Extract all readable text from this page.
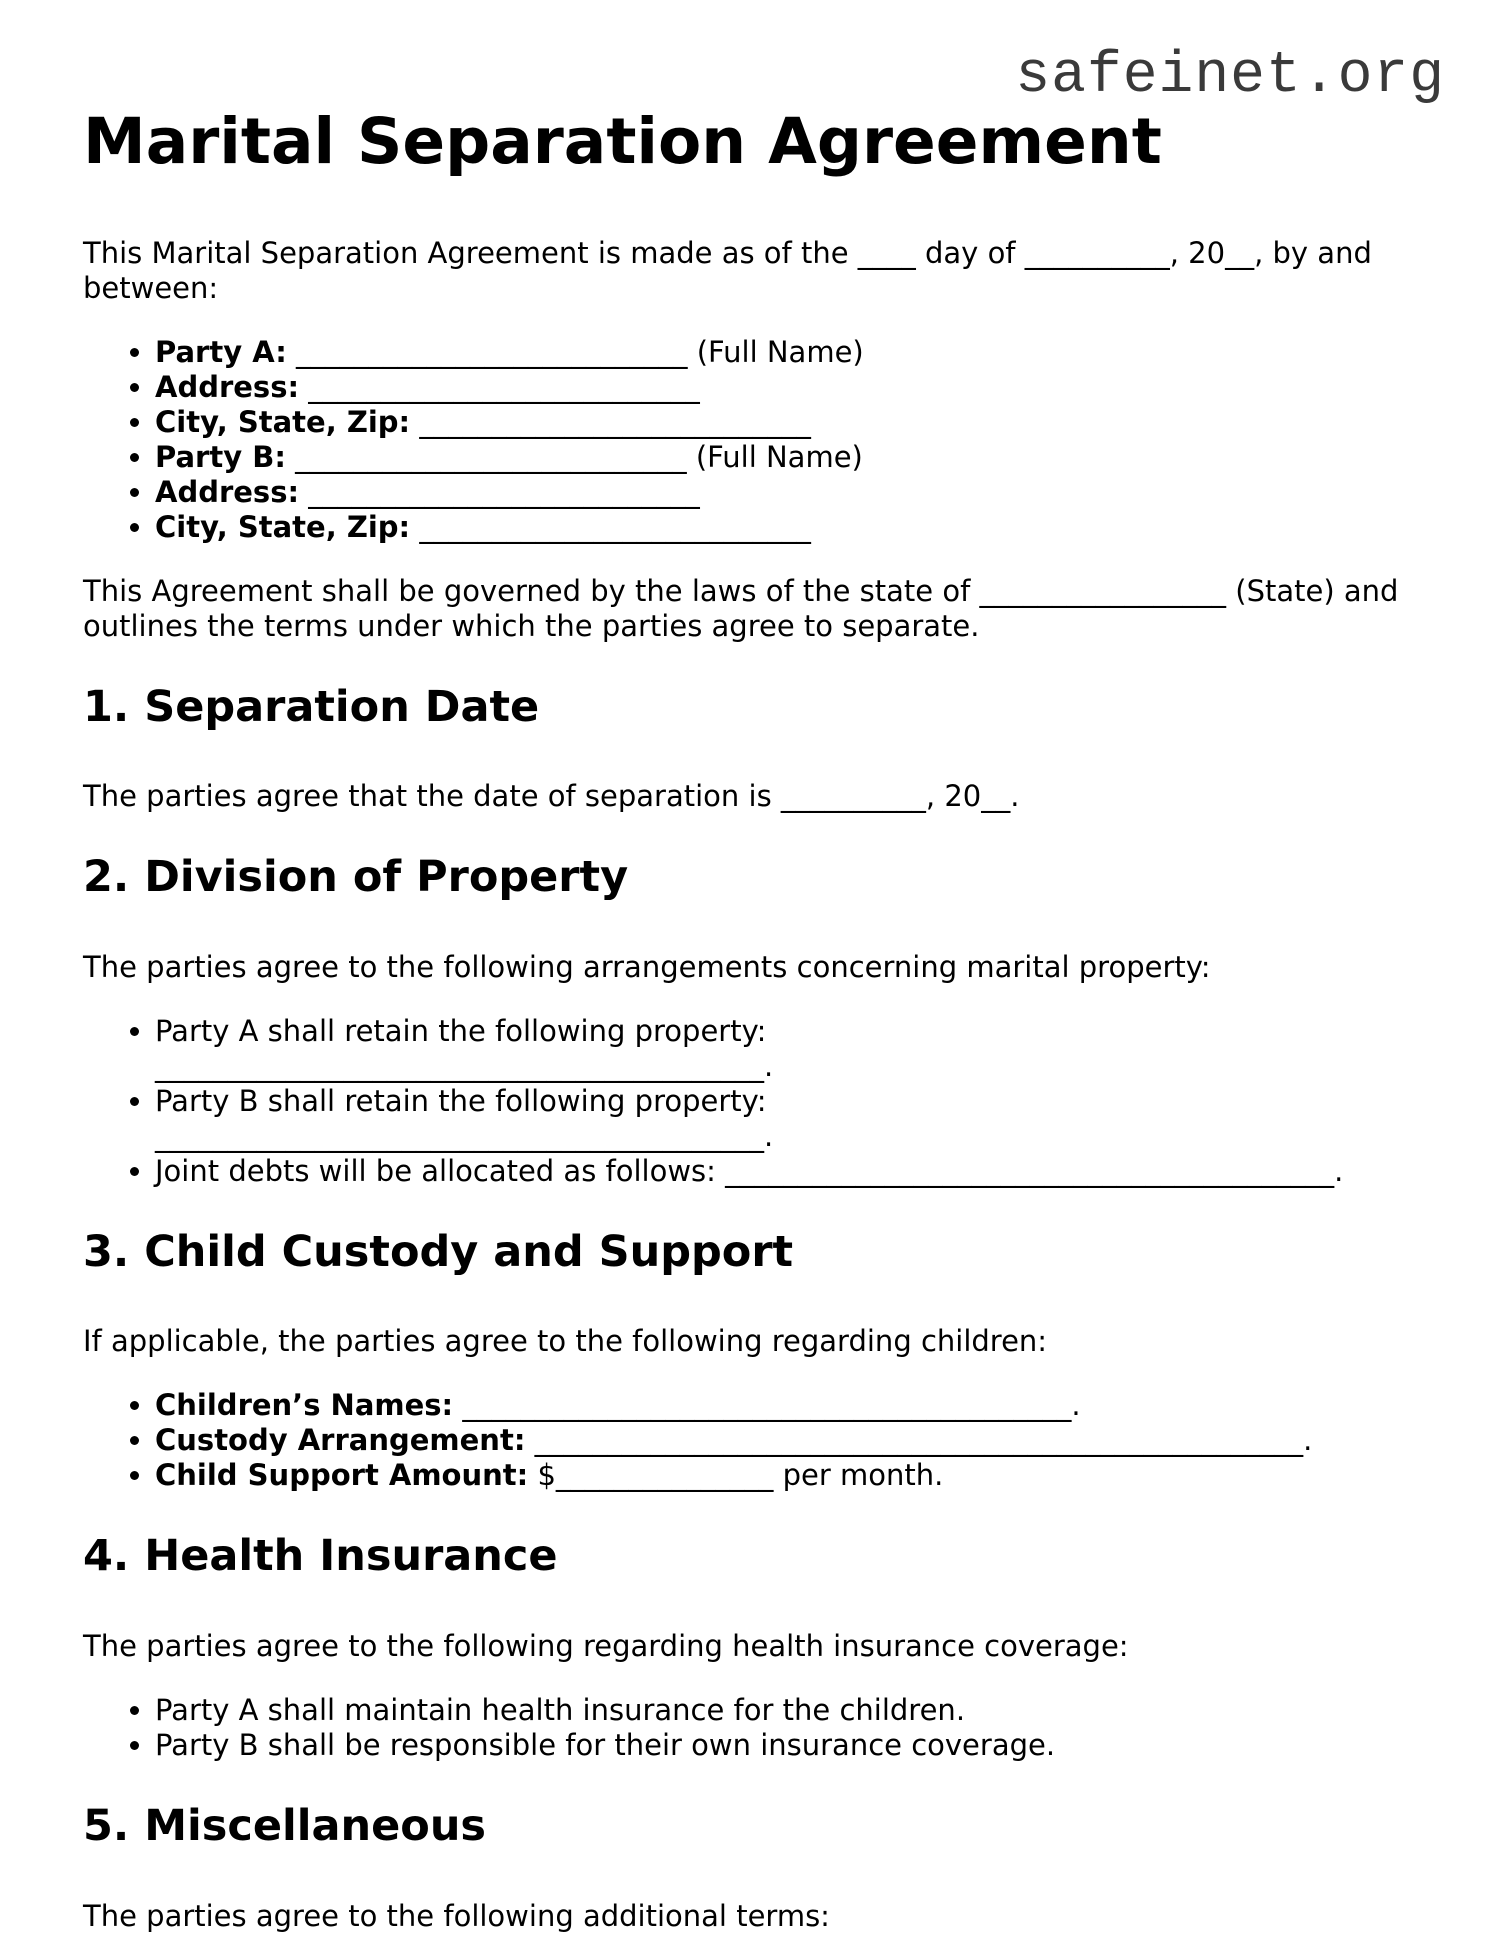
safeinet.org
Marital Separation Agreement

This Marital Separation Agreement is made as of the ____ day of __________, 20__, by and between:

• Party A: ___________________________ (Full Name)
• Address: ___________________________
• City, State, Zip: ___________________________
• Party B: ___________________________ (Full Name)
• Address: ___________________________
• City, State, Zip: ___________________________

This Agreement shall be governed by the laws of the state of _________________ (State) and outlines the terms under which the parties agree to separate.

1. Separation Date

The parties agree that the date of separation is __________, 20__.

2. Division of Property

The parties agree to the following arrangements concerning marital property:

• Party A shall retain the following property: __________________________________________.
• Party B shall retain the following property: __________________________________________.
• Joint debts will be allocated as follows: __________________________________________.
3. Child Custody and Support

If applicable, the parties agree to the following regarding children:

• Children’s Names: __________________________________________.
• Custody Arrangement: _____________________________________________________.
• Child Support Amount: $_______________ per month.
4. Health Insurance

The parties agree to the following regarding health insurance coverage:

• Party A shall maintain health insurance for the children.
• Party B shall be responsible for their own insurance coverage.
5. Miscellaneous

The parties agree to the following additional terms:
